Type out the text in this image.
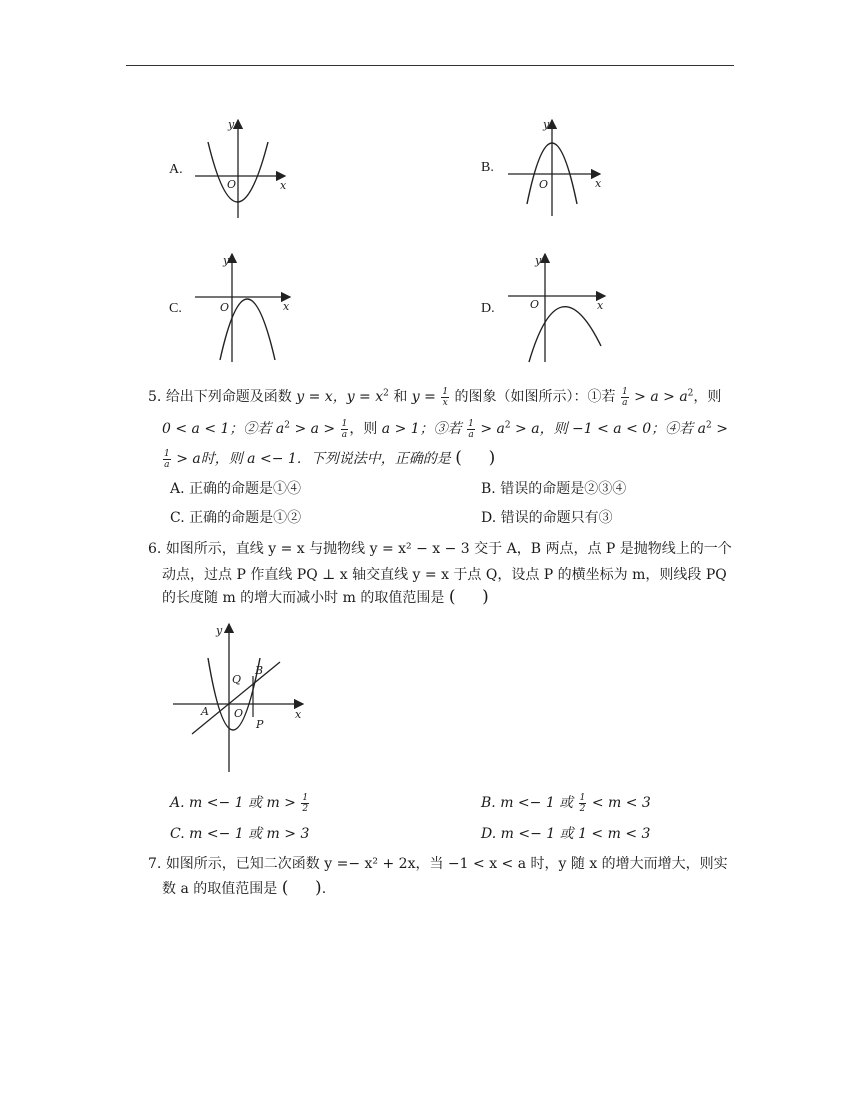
A.
y
x
O
B.
y
x
O
C.
y
x
O	D.
y
x
O
5. 给出下列命题及函数 y = x，$y = x^2$ 和 $y = \frac{1}{x}$ 的图象（如图所示）：①若 $\frac{1}{a} > a > a^2$，则
0 < a < 1；②若 $a^2 > a > \frac{1}{a}$ ，则 a > 1；③若 $\frac{1}{a} > a^2 > a$，则 −1 < a < 0；④若 $a^2$ >
$\frac{1}{a} > a$时，则 a <− 1．下列说法中，正确的是 ( )
A. 正确的命题是①④	B. 错误的命题是②③④
C. 正确的命题是①②	D. 错误的命题只有③
6. 如图所示，直线 y = x 与抛物线 y = x² − x − 3 交于 A，B 两点，点 P 是抛物线上的一个
动点，过点 P 作直线 PQ ⊥ x 轴交直线 y = x 于点 Q，设点 P 的横坐标为 m，则线段 PQ
的长度随 m 的增大而减小时 m 的取值范围是 ( )
y
x
O
A
B
Q
P
A. m <− 1 或 $m > \frac{1}{2}$	B. m <− 1 或 $\frac{1}{2} < m < 3$
C. m <− 1 或 m > 3	D. m <− 1 或 1 < m < 3
7. 如图所示，已知二次函数 y =− x² + 2x，当 −1 < x < a 时，y 随 x 的增大而增大，则实
数 a 的取值范围是 ( ).
